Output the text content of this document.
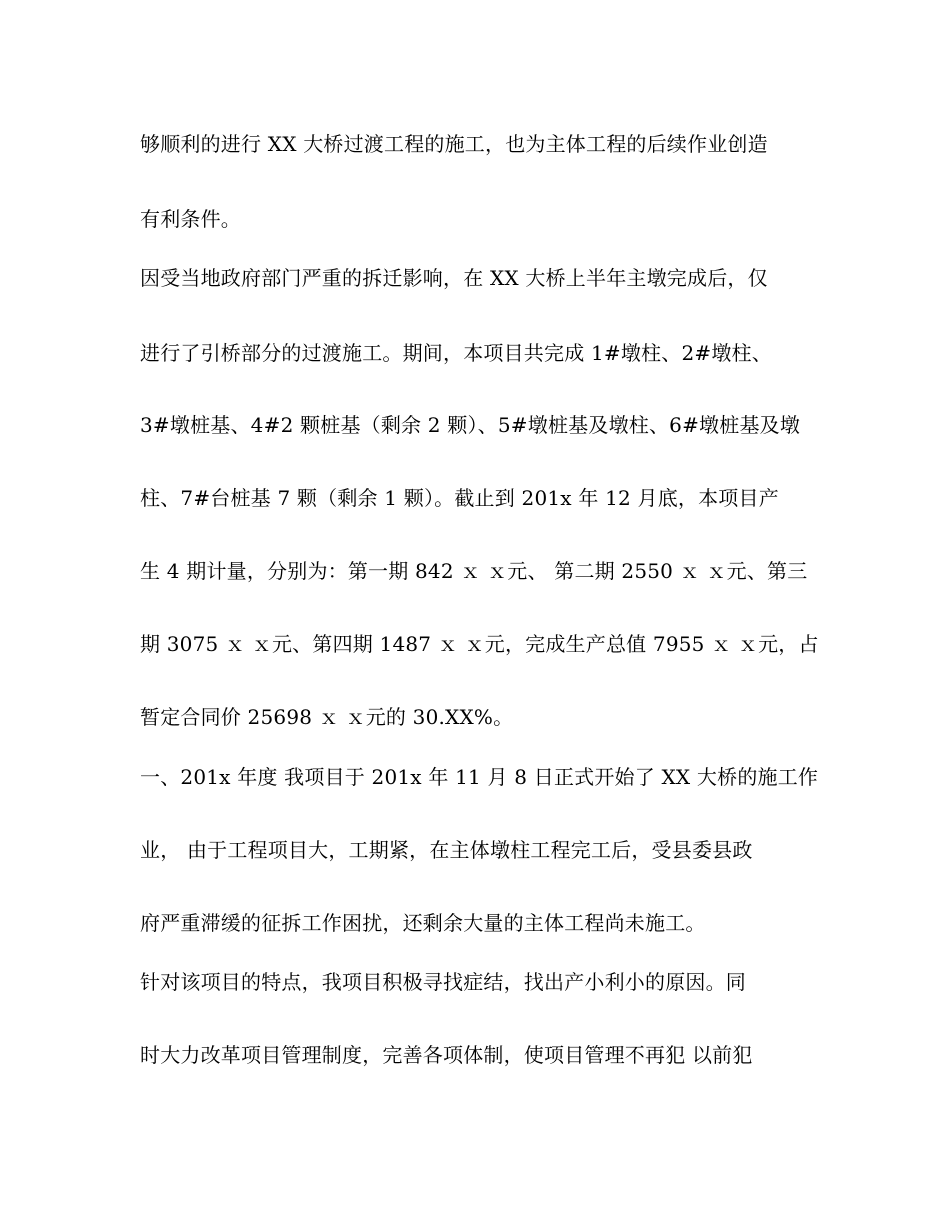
够顺利的进行 XX 大桥过渡工程的施工，也为主体工程的后续作业创造
有利条件。
因受当地政府部门严重的拆迁影响，在 XX 大桥上半年主墩完成后，仅
进行了引桥部分的过渡施工。期间，本项目共完成 1#墩柱、2#墩柱、
3#墩桩基、4#2 颗桩基（剩余 2 颗）、5#墩桩基及墩柱、6#墩桩基及墩
柱、7#台桩基 7 颗（剩余 1 颗）。截止到 201x 年 12 月底，本项目产
生 4 期计量，分别为：第一期 842 ｘ ｘ元、 第二期 2550 ｘ ｘ元、第三
期 3075 ｘ ｘ元、第四期 1487 ｘ ｘ元，完成生产总值 7955 ｘ ｘ元，占
暂定合同价 25698 ｘ ｘ元的 30.XX%。
一、201x 年度 我项目于 201x 年 11 月 8 日正式开始了 XX 大桥的施工作
业， 由于工程项目大，工期紧，在主体墩柱工程完工后，受县委县政
府严重滞缓的征拆工作困扰，还剩余大量的主体工程尚未施工。
针对该项目的特点，我项目积极寻找症结，找出产小利小的原因。同
时大力改革项目管理制度，完善各项体制，使项目管理不再犯 以前犯
